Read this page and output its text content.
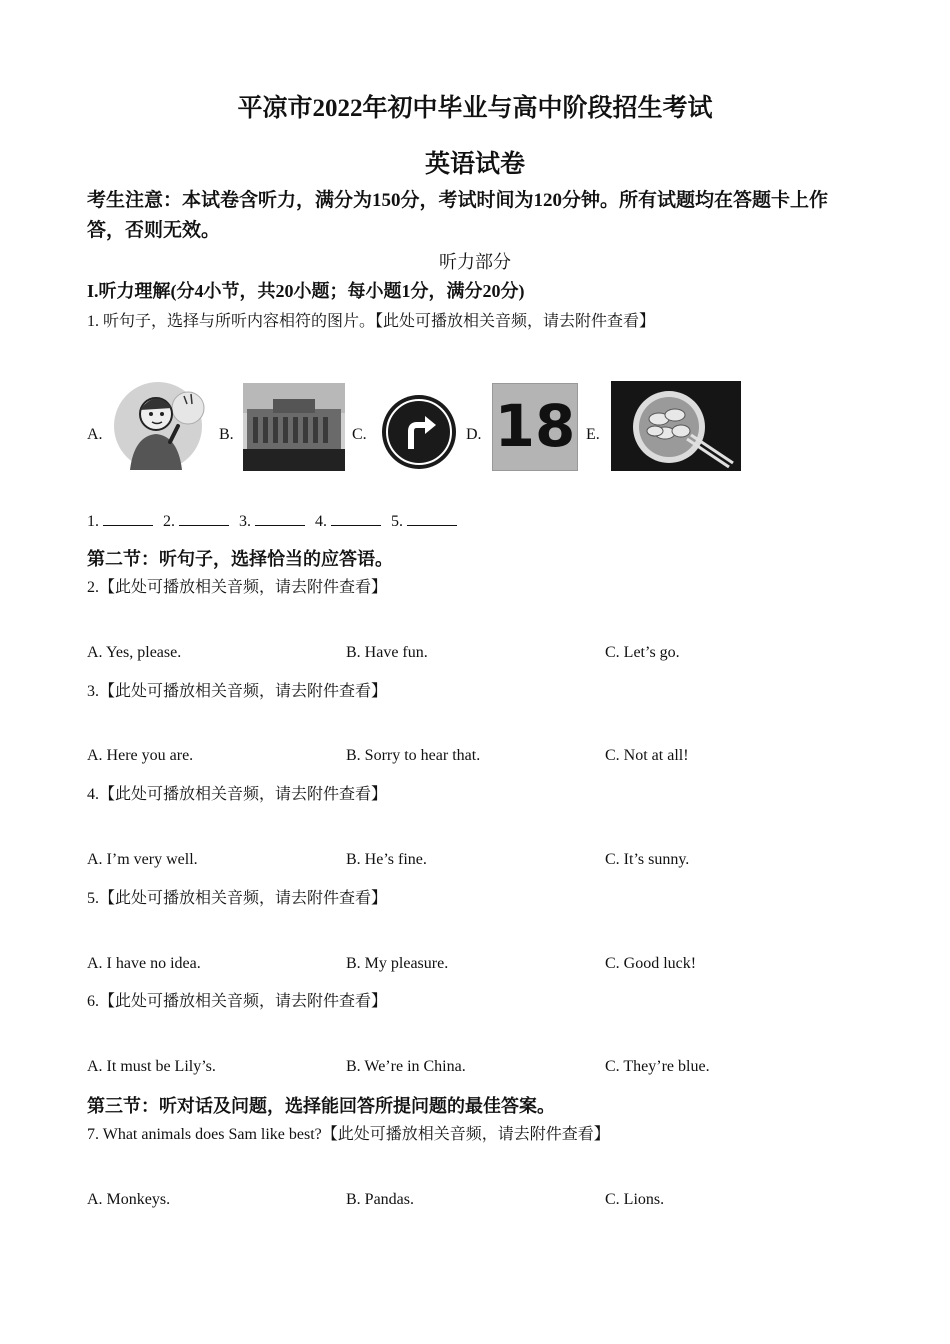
平凉市2022年初中毕业与高中阶段招生考试
英语试卷
考生注意：本试卷含听力，满分为150分，考试时间为120分钟。所有试题均在答题卡上作答，否则无效。
听力部分
I.听力理解(分4小节，共20小题；每小题1分，满分20分)
1. 听句子，选择与所听内容相符的图片。【此处可播放相关音频，请去附件查看】
A.	B.	C.	D. 18 E.
1.	2.	3.	4.	5.
第二节：听句子，选择恰当的应答语。
2.【此处可播放相关音频，请去附件查看】
A. Yes, please.	B. Have fun.	C. Let’s go.
3.【此处可播放相关音频，请去附件查看】
A. Here you are.	B. Sorry to hear that.	C. Not at all!
4.【此处可播放相关音频，请去附件查看】
A. I’m very well.	B. He’s fine.	C. It’s sunny.
5.【此处可播放相关音频，请去附件查看】
A. I have no idea.	B. My pleasure.	C. Good luck!
6.【此处可播放相关音频，请去附件查看】
A. It must be Lily’s.	B. We’re in China.	C. They’re blue.
第三节：听对话及问题，选择能回答所提问题的最佳答案。
7. What animals does Sam like best?【此处可播放相关音频，请去附件查看】
A. Monkeys.	B. Pandas.	C. Lions.
